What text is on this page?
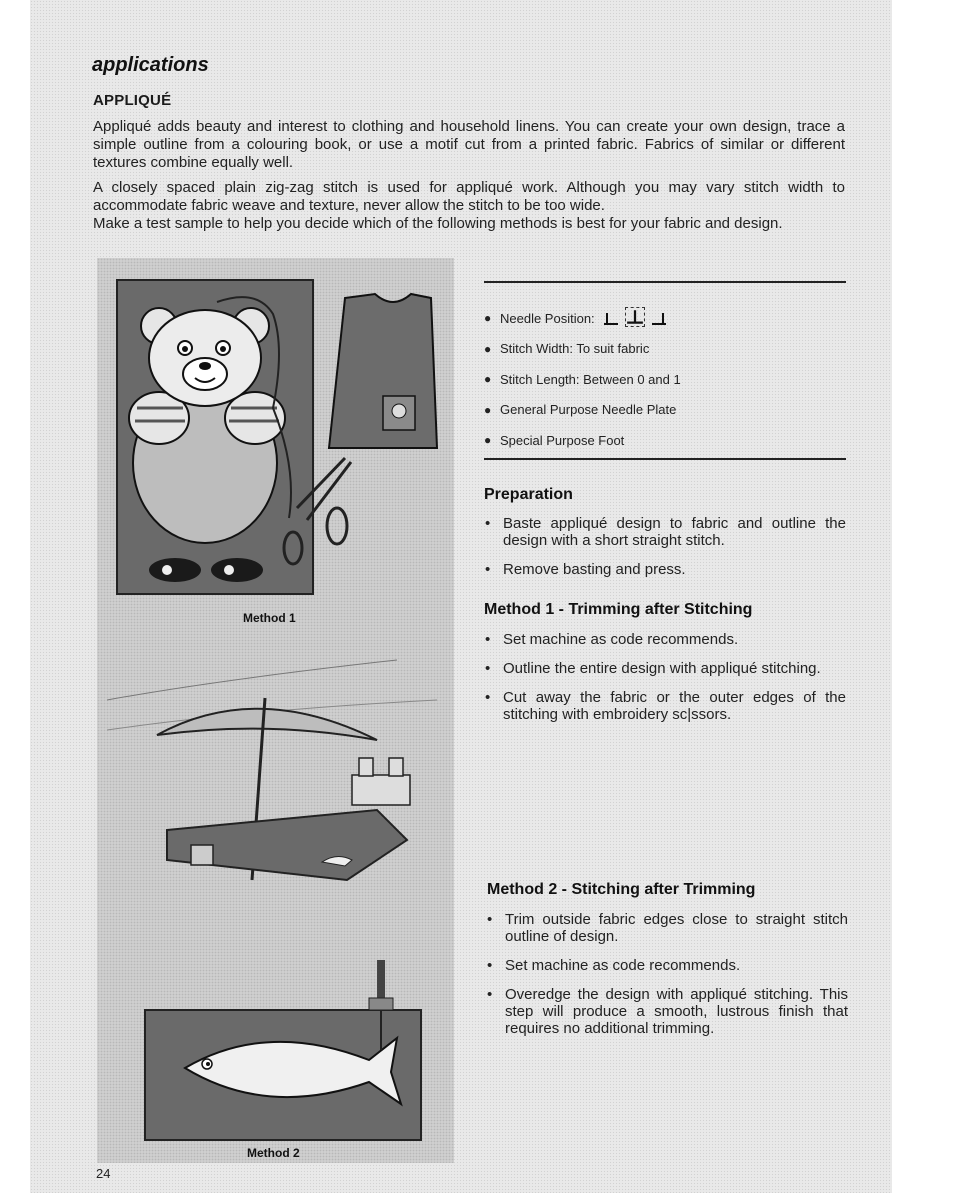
applications
APPLIQUÉ

Appliqué adds beauty and interest to clothing and household linens. You can create your own design, trace a simple outline from a colouring book, or use a motif cut from a printed fabric. Fabrics of similar or different textures combine equally well.

A closely spaced plain zig-zag stitch is used for appliqué work. Although you may vary stitch width to accommodate fabric weave and texture, never allow the stitch to be too wide.

Make a test sample to help you decide which of the following methods is best for your fabric and design.

Method 1
Method 2
● Needle Position:
● Stitch Width: To suit fabric
● Stitch Length: Between 0 and 1
● General Purpose Needle Plate
● Special Purpose Foot
Preparation
• Baste appliqué design to fabric and outline the design with a short straight stitch.
• Remove basting and press.
Method 1 - Trimming after Stitching
• Set machine as code recommends.
• Outline the entire design with appliqué stitching.
• Cut away the fabric or the outer edges of the stitching with embroidery sc|ssors.
Method 2 - Stitching after Trimming
• Trim outside fabric edges close to straight stitch outline of design.
• Set machine as code recommends.
• Overedge the design with appliqué stitching. This step will produce a smooth, lustrous finish that requires no additional trimming.
24
